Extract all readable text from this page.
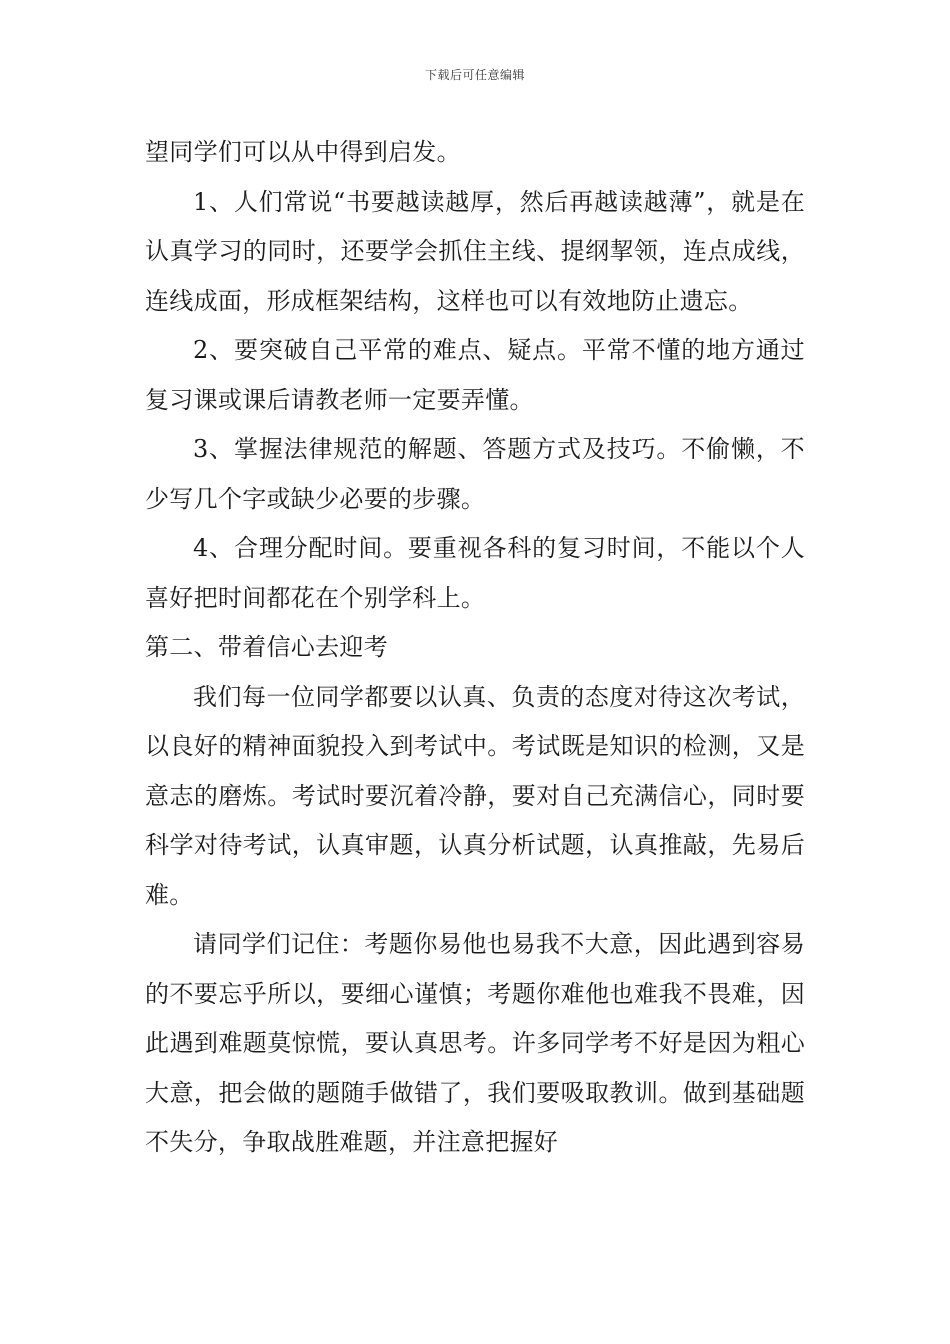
下载后可任意编辑

望同学们可以从中得到启发。

1、人们常说“书要越读越厚，然后再越读越薄”，就是在认真学习的同时，还要学会抓住主线、提纲挈领，连点成线，连线成面，形成框架结构，这样也可以有效地防止遗忘。

2、要突破自己平常的难点、疑点。平常不懂的地方通过复习课或课后请教老师一定要弄懂。

3、掌握法律规范的解题、答题方式及技巧。不偷懒，不少写几个字或缺少必要的步骤。

4、合理分配时间。要重视各科的复习时间，不能以个人喜好把时间都花在个别学科上。

第二、带着信心去迎考

我们每一位同学都要以认真、负责的态度对待这次考试，以良好的精神面貌投入到考试中。考试既是知识的检测，又是意志的磨炼。考试时要沉着冷静，要对自己充满信心，同时要科学对待考试，认真审题，认真分析试题，认真推敲，先易后难。

请同学们记住：考题你易他也易我不大意，因此遇到容易的不要忘乎所以，要细心谨慎；考题你难他也难我不畏难，因此遇到难题莫惊慌，要认真思考。许多同学考不好是因为粗心大意，把会做的题随手做错了，我们要吸取教训。做到基础题不失分，争取战胜难题，并注意把握好
